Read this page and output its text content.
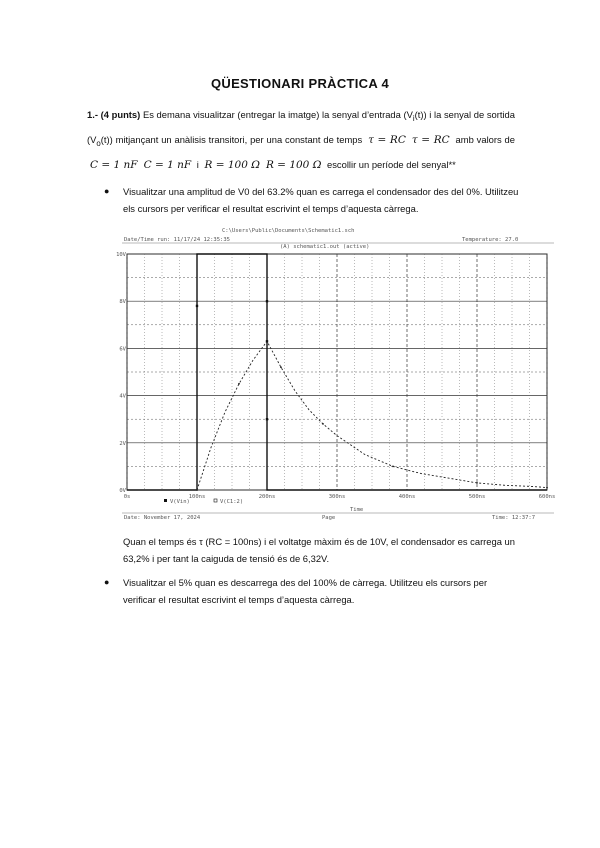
QÜESTIONARI PRÀCTICA 4
1.- (4 punts) Es demana visualitzar (entregar la imatge) la senyal d’entrada $(V_i(t))$ i la senyal de sortida $(V_o(t))$ mitjançant un anàlisis transitori, per una constant de temps τ = RC τ = RC amb valors de C = 1 nF C = 1 nF i R = 100 Ω R = 100 Ω escollir un període del senyal**
● Visualitzar una amplitud de V0 del 63.2% quan es carrega el condensador des del 0%. Utilitzeu els cursors per verificar el resultat escrivint el temps d’aquesta càrrega.
C:\Users\Public\Documents\Schematic1.sch
Date/Time run: 11/17/24 12:35:35
(A) schematic1.out (active)
Temperature: 27.0
0V
2V
4V
6V
8V
10V
0s	100ns	200ns	300ns	400ns	500ns	600ns
V(Vin)	V(C1:2)
Time
Date: November 17, 2024	Page	Time: 12:37:7
Quan el temps és τ (RC = 100ns) i el voltatge màxim és de 10V, el condensador es carrega un 63,2% i per tant la caiguda de tensió és de 6,32V.
● Visualitzar el 5% quan es descarrega des del 100% de càrrega. Utilitzeu els cursors per verificar el resultat escrivint el temps d’aquesta càrrega.
